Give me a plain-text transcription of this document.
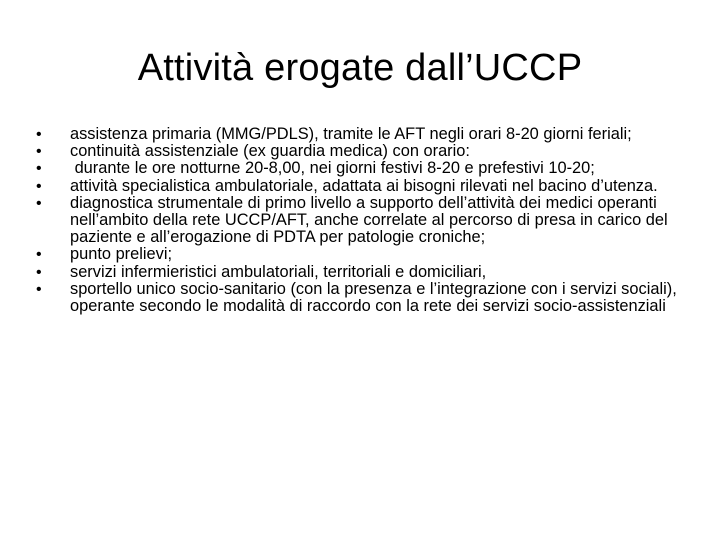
Attività erogate dall’UCCP
•	assistenza primaria (MMG/PDLS), tramite le AFT negli orari 8-20 giorni feriali;
•	continuità assistenziale (ex guardia medica) con orario:
•	durante le ore notturne 20-8,00, nei giorni festivi 8-20 e prefestivi 10-20;
•	attività specialistica ambulatoriale, adattata ai bisogni rilevati nel bacino d’utenza.
•	diagnostica strumentale di primo livello a supporto dell’attività dei medici operanti nell’ambito della rete UCCP/AFT, anche correlate al percorso di presa in carico del paziente e all’erogazione di PDTA per patologie croniche;
•	punto prelievi;
•	servizi infermieristici ambulatoriali, territoriali e domiciliari,
•	sportello unico socio-sanitario (con la presenza e l’integrazione con i servizi sociali), operante secondo le modalità di raccordo con la rete dei servizi socio-assistenziali
